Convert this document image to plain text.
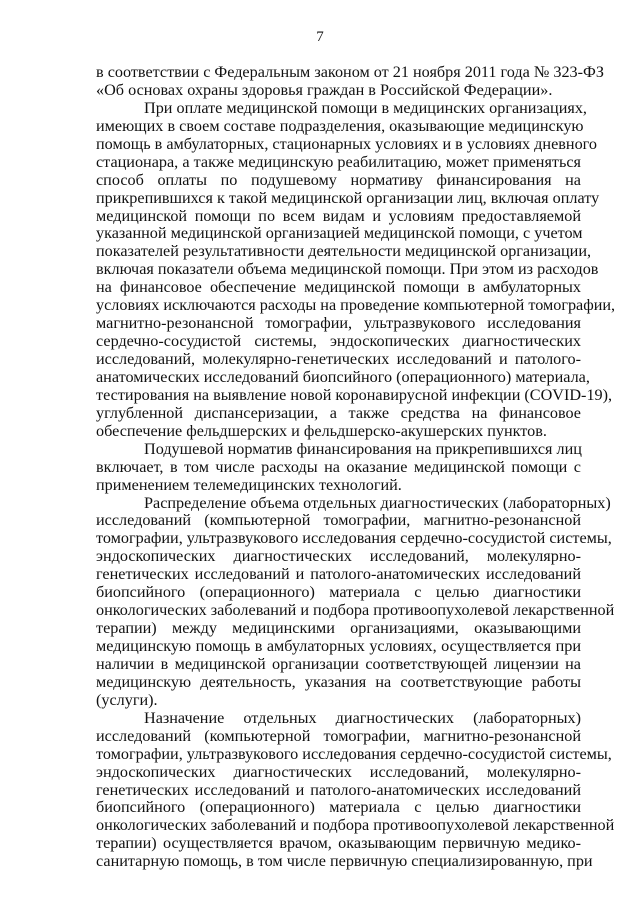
7
в соответствии с Федеральным законом от 21 ноября 2011 года № 323-ФЗ
«Об основах охраны здоровья граждан в Российской Федерации».
При оплате медицинской помощи в медицинских организациях,
имеющих в своем составе подразделения, оказывающие медицинскую
помощь в амбулаторных, стационарных условиях и в условиях дневного
стационара, а также медицинскую реабилитацию, может применяться
способ оплаты по подушевому нормативу финансирования на
прикрепившихся к такой медицинской организации лиц, включая оплату
медицинской помощи по всем видам и условиям предоставляемой
указанной медицинской организацией медицинской помощи, с учетом
показателей результативности деятельности медицинской организации,
включая показатели объема медицинской помощи. При этом из расходов
на финансовое обеспечение медицинской помощи в амбулаторных
условиях исключаются расходы на проведение компьютерной томографии,
магнитно-резонансной томографии, ультразвукового исследования
сердечно-сосудистой системы, эндоскопических диагностических
исследований, молекулярно-генетических исследований и патолого-
анатомических исследований биопсийного (операционного) материала,
тестирования на выявление новой коронавирусной инфекции (COVID-19),
углубленной диспансеризации, а также средства на финансовое
обеспечение фельдшерских и фельдшерско-акушерских пунктов.
Подушевой норматив финансирования на прикрепившихся лиц
включает, в том числе расходы на оказание медицинской помощи с
применением телемедицинских технологий.
Распределение объема отдельных диагностических (лабораторных)
исследований (компьютерной томографии, магнитно-резонансной
томографии, ультразвукового исследования сердечно-сосудистой системы,
эндоскопических диагностических исследований, молекулярно-
генетических исследований и патолого-анатомических исследований
биопсийного (операционного) материала с целью диагностики
онкологических заболеваний и подбора противоопухолевой лекарственной
терапии) между медицинскими организациями, оказывающими
медицинскую помощь в амбулаторных условиях, осуществляется при
наличии в медицинской организации соответствующей лицензии на
медицинскую деятельность, указания на соответствующие работы
(услуги).
Назначение отдельных диагностических (лабораторных)
исследований (компьютерной томографии, магнитно-резонансной
томографии, ультразвукового исследования сердечно-сосудистой системы,
эндоскопических диагностических исследований, молекулярно-
генетических исследований и патолого-анатомических исследований
биопсийного (операционного) материала с целью диагностики
онкологических заболеваний и подбора противоопухолевой лекарственной
терапии) осуществляется врачом, оказывающим первичную медико-
санитарную помощь, в том числе первичную специализированную, при
